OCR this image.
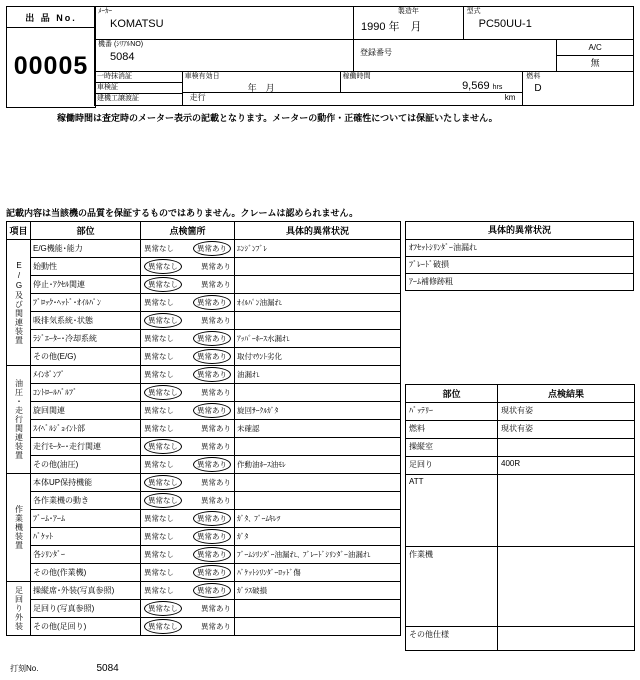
出 品 No.
00005
ﾒｰｶｰ
KOMATSU
製造年
1990 年　月
型式
PC50UU-1
機番 (ｼﾘｱﾙNO)
5084	登録番号
A/C
無
一時抹消証
車検証
建機工譲渡証
車検有効日
年　月
稼働時間
9,569 hrs
走行	km
燃料
D
稼働時間は査定時のメーター表示の記載となります。メーターの動作・正確性については保証いたしません。
記載内容は当該機の品質を保証するものではありません。クレームは認められません。
項目	部位	点検箇所	具体的異常状況
E/G及び関連装置	E/G機能･能力	異常なし 異常あり	ｴﾝｼﾞﾝﾌﾞﾚ
	始動性	異常なし 異常あり	

	停止･ｱｸｾﾙ関連	異常なし 異常あり	

	ﾌﾞﾛｯｸ･ﾍｯﾄﾞ･ｵｲﾙﾊﾟﾝ	異常なし 異常あり	ｵｲﾙﾊﾟﾝ油漏れ
	吸排気系統･状態	異常なし 異常あり	

	ﾗｼﾞｴｰﾀｰ･冷却系統	異常なし 異常あり	ｱｯﾊﾟｰﾎｰｽ水漏れ
	その他(E/G)	異常なし 異常あり	取付ﾏｳﾝﾄ劣化
油圧・走行関連装置	ﾒｲﾝﾎﾟﾝﾌﾟ	異常なし 異常あり	油漏れ
	ｺﾝﾄﾛｰﾙﾊﾞﾙﾌﾞ	異常なし 異常あり	

	旋回関連	異常なし 異常あり	旋回ｻｰｸﾙｶﾞﾀ
	ｽｲﾍﾞﾙｼﾞｮｲﾝﾄ部	異常なし 異常あり	未確認
	走行ﾓｰﾀｰ･走行関連	異常なし 異常あり	

	その他(油圧)	異常なし 異常あり	作動油ﾎｰｽ油ﾓﾚ
作業機装置	本体UP保持機能	異常なし 異常あり	

	各作業機の動き	異常なし 異常あり	

	ﾌﾞｰﾑ･ｱｰﾑ	異常なし 異常あり	ｶﾞﾀ､ ﾌﾞｰﾑｷﾚﾂ
	ﾊﾞｹｯﾄ	異常なし 異常あり	ｶﾞﾀ
	各ｼﾘﾝﾀﾞｰ	異常なし 異常あり	ﾌﾞｰﾑｼﾘﾝﾀﾞｰ油漏れ､ ﾌﾞﾚｰﾄﾞｼﾘﾝﾀﾞｰ油漏れ
	その他(作業機)	異常なし 異常あり	ﾊﾞｹｯﾄｼﾘﾝﾀﾞｰﾛｯﾄﾞ傷
足回り外装	操縦席･外装(写真参照)	異常なし 異常あり	ｶﾞﾗｽ破損
	足回り(写真参照)	異常なし 異常あり	

	その他(足回り)	異常なし 異常あり	

具体的異常状況
ｵﾌｾｯﾄｼﾘﾝﾀﾞｰ油漏れ
ﾌﾞﾚｰﾄﾞ破損
ｱｰﾑ補修跡粗
部位	点検結果
ﾊﾞｯﾃﾘｰ	現状有姿
燃料	現状有姿
操縦室	
足回り	400R
ATT	
作業機	
その他仕様	
打刻No.	5084
